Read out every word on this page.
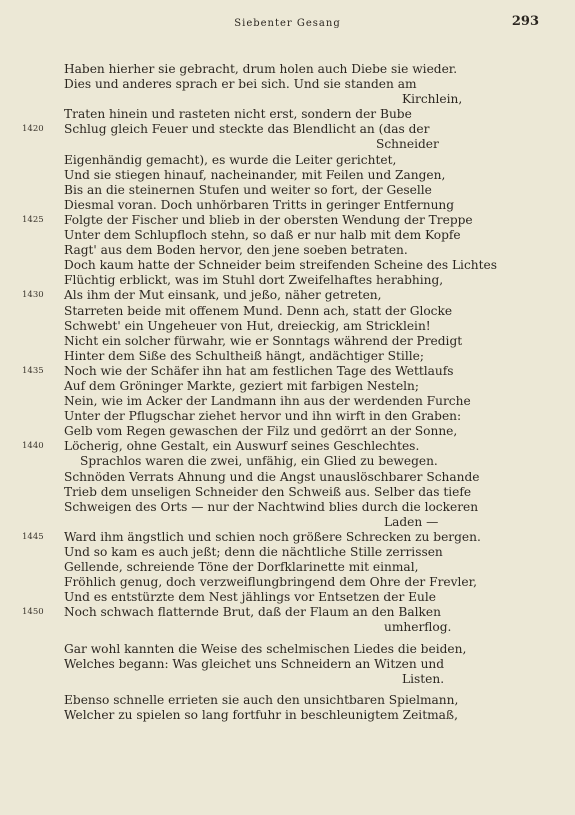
Siebenter Gesang	293
Haben hierher sie gebracht, drum holen auch Diebe sie wieder.
Dies und anderes sprach er bei sich. Und sie standen am
Kirchlein,
Traten hinein und rasteten nicht erst, sondern der Bube
1420	Schlug gleich Feuer und steckte das Blendlicht an (das der
Schneider
Eigenhändig gemacht), es wurde die Leiter gerichtet,
Und sie stiegen hinauf, nacheinander, mit Feilen und Zangen,
Bis an die steinernen Stufen und weiter so fort, der Geselle
Diesmal voran. Doch unhörbaren Tritts in geringer Entfernung
1425	Folgte der Fischer und blieb in der obersten Wendung der Treppe
Unter dem Schlupfloch stehn, so daß er nur halb mit dem Kopfe
Ragt' aus dem Boden hervor, den jene soeben betraten.
Doch kaum hatte der Schneider beim streifenden Scheine des Lichtes
Flüchtig erblickt, was im Stuhl dort Zweifelhaftes herabhing,
1430	Als ihm der Mut einsank, und jeßo, näher getreten,
Starreten beide mit offenem Mund. Denn ach, statt der Glocke
Schwebt' ein Ungeheuer von Hut, dreieckig, am Stricklein!
Nicht ein solcher fürwahr, wie er Sonntags während der Predigt
Hinter dem Siße des Schultheiß hängt, andächtiger Stille;
1435	Noch wie der Schäfer ihn hat am festlichen Tage des Wettlaufs
Auf dem Gröninger Markte, geziert mit farbigen Nesteln;
Nein, wie im Acker der Landmann ihn aus der werdenden Furche
Unter der Pflugschar ziehet hervor und ihn wirft in den Graben:
Gelb vom Regen gewaschen der Filz und gedörrt an der Sonne,
1440	Löcherig, ohne Gestalt, ein Auswurf seines Geschlechtes.
Sprachlos waren die zwei, unfähig, ein Glied zu bewegen.
Schnöden Verrats Ahnung und die Angst unauslöschbarer Schande
Trieb dem unseligen Schneider den Schweiß aus. Selber das tiefe
Schweigen des Orts — nur der Nachtwind blies durch die lockeren
Laden —
1445	Ward ihm ängstlich und schien noch größere Schrecken zu bergen.
Und so kam es auch jeßt; denn die nächtliche Stille zerrissen
Gellende, schreiende Töne der Dorfklarinette mit einmal,
Fröhlich genug, doch verzweiflungbringend dem Ohre der Frevler,
Und es entstürzte dem Nest jählings vor Entsetzen der Eule
1450	Noch schwach flatternde Brut, daß der Flaum an den Balken
umherflog.
Gar wohl kannten die Weise des schelmischen Liedes die beiden,
Welches begann: Was gleichet uns Schneidern an Witzen und
Listen.
Ebenso schnelle errieten sie auch den unsichtbaren Spielmann,
Welcher zu spielen so lang fortfuhr in beschleunigtem Zeitmaß,
